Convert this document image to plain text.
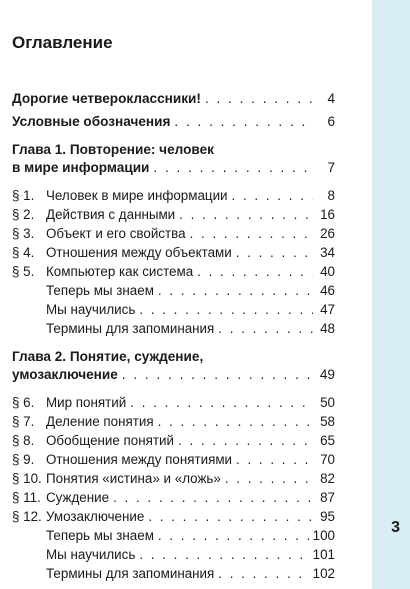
Оглавление
Дорогие четвероклассники! . . .	4
Условные обозначения . . .	6
Глава 1. Повторение: человек
в мире информации . . .	7
§ 1. Человек в мире информации . . .	8
§ 2. Действия с данными . . .	16
§ 3. Объект и его свойства . . .	26
§ 4. Отношения между объектами . . .	34
§ 5. Компьютер как система . . .	40
Теперь мы знаем . . .	46
Мы научились . . .	47
Термины для запоминания . . .	48
Глава 2. Понятие, суждение,
умозаключение . . .	49
§ 6. Мир понятий . . .	50
§ 7. Деление понятия . . .	58
§ 8. Обобщение понятий . . .	65
§ 9. Отношения между понятиями . . .	70
§ 10. Понятия «истина» и «ложь» . . .	82
§ 11. Суждение . . .	87
§ 12. Умозаключение . . .	95
Теперь мы знаем . . .	100
Мы научились . . .	101
Термины для запоминания . . .	102
3
